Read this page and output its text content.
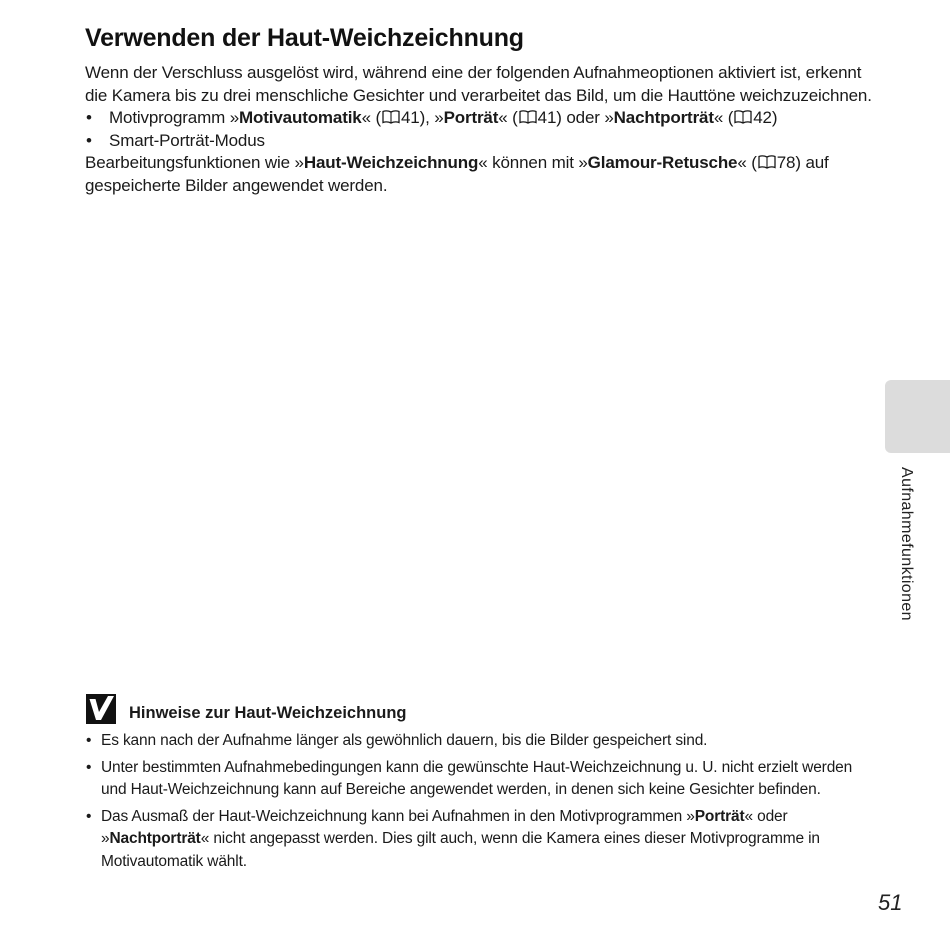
Verwenden der Haut-Weichzeichnung

Wenn der Verschluss ausgelöst wird, während eine der folgenden Aufnahmeoptionen aktiviert ist, erkennt die Kamera bis zu drei menschliche Gesichter und verarbeitet das Bild, um die Hauttöne weichzuzeichnen.

• Motivprogramm »Motivautomatik« ( 41), »Porträt« ( 41) oder »Nachtporträt« ( 42)
• Smart-Porträt-Modus

Bearbeitungsfunktionen wie »Haut-Weichzeichnung« können mit »Glamour-Retusche« ( 78) auf gespeicherte Bilder angewendet werden.

Aufnahmefunktionen
Hinweise zur Haut-Weichzeichnung
• Es kann nach der Aufnahme länger als gewöhnlich dauern, bis die Bilder gespeichert sind.
• Unter bestimmten Aufnahmebedingungen kann die gewünschte Haut-Weichzeichnung u. U. nicht erzielt werden und Haut-Weichzeichnung kann auf Bereiche angewendet werden, in denen sich keine Gesichter befinden.
• Das Ausmaß der Haut-Weichzeichnung kann bei Aufnahmen in den Motivprogrammen »Porträt« oder »Nachtporträt« nicht angepasst werden. Dies gilt auch, wenn die Kamera eines dieser Motivprogramme in Motivautomatik wählt.
51
